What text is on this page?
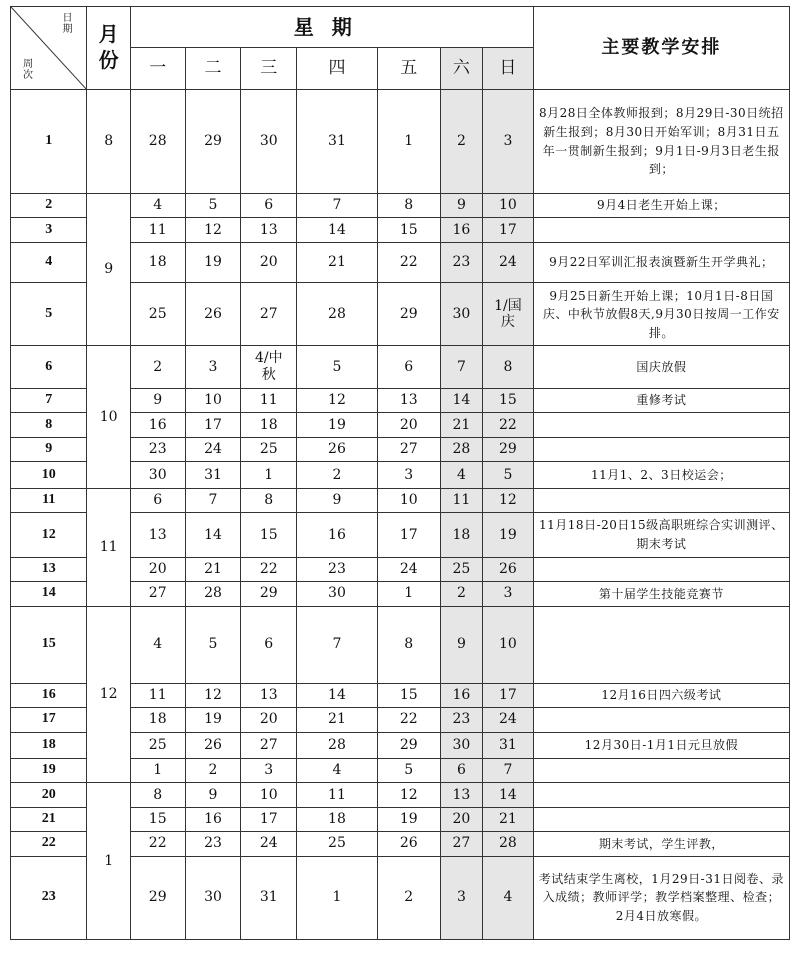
日期
周次	月份	星期							主要教学安排
		一	二	三	四	五	六	日	
1	8	28	29	30	31	1	2	3	8月28日全体教师报到；8月29日-30日统招新生报到；8月30日开始军训；8月31日五年一贯制新生报到；9月1日-9月3日老生报到；
2	9	4	5	6	7	8	9	10	9月4日老生开始上课；
3		11	12	13	14	15	16	17	
4		18	19	20	21	22	23	24	9月22日军训汇报表演暨新生开学典礼；
5		25	26	27	28	29	30	1/国庆	9月25日新生开始上课；10月1日-8日国庆、中秋节放假8天,9月30日按周一工作安排。
6	10	2	3	4/中秋	5	6	7	8	国庆放假
7		9	10	11	12	13	14	15	重修考试
8		16	17	18	19	20	21	22	
9		23	24	25	26	27	28	29	
10		30	31	1	2	3	4	5	11月1、2、3日校运会；
11	11	6	7	8	9	10	11	12	
12		13	14	15	16	17	18	19	11月18日-20日15级高职班综合实训测评、期末考试
13		20	21	22	23	24	25	26	
14		27	28	29	30	1	2	3	第十届学生技能竞赛节
15	12	4	5	6	7	8	9	10	
16		11	12	13	14	15	16	17	12月16日四六级考试
17		18	19	20	21	22	23	24	
18		25	26	27	28	29	30	31	12月30日-1月1日元旦放假
19		1	2	3	4	5	6	7	
20	1	8	9	10	11	12	13	14	
21		15	16	17	18	19	20	21	
22		22	23	24	25	26	27	28	期末考试，学生评教，
23		29	30	31	1	2	3	4	考试结束学生离校，1月29日-31日阅卷、录入成绩；教师评学；教学档案整理、检查；2月4日放寒假。
